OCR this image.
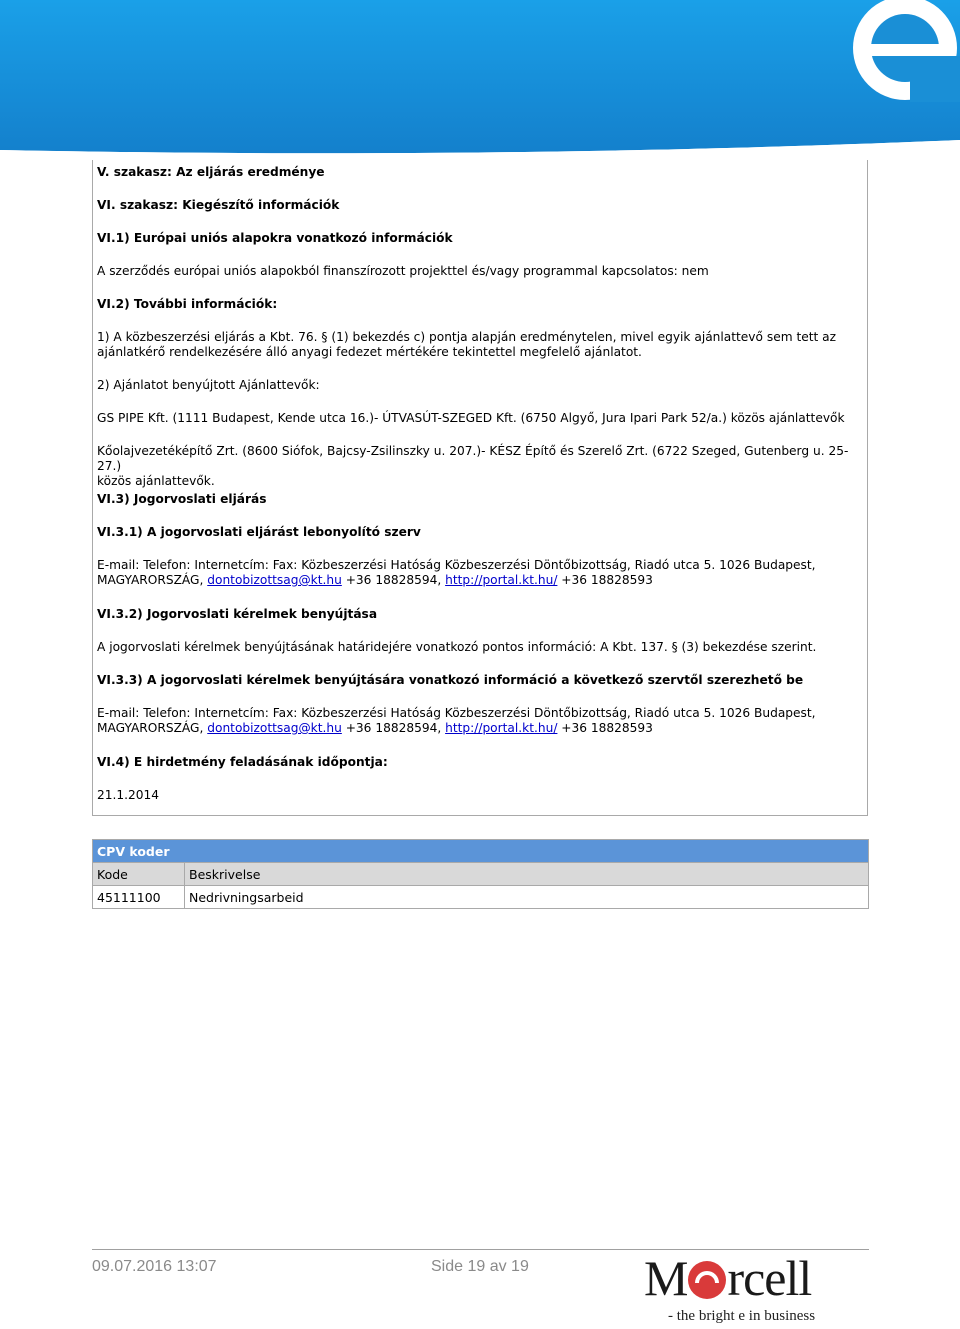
V. szakasz: Az eljárás eredménye

VI. szakasz: Kiegészítő információk

VI.1) Európai uniós alapokra vonatkozó információk

A szerződés európai uniós alapokból finanszírozott projekttel és/vagy programmal kapcsolatos: nem

VI.2) További információk:

1) A közbeszerzési eljárás a Kbt. 76. § (1) bekezdés c) pontja alapján eredménytelen, mivel egyik ajánlattevő sem tett az
ajánlatkérő rendelkezésére álló anyagi fedezet mértékére tekintettel megfelelő ajánlatot.

2) Ajánlatot benyújtott Ajánlattevők:

GS PIPE Kft. (1111 Budapest, Kende utca 16.)- ÚTVASÚT-SZEGED Kft. (6750 Algyő, Jura Ipari Park 52/a.) közös ajánlattevők

Kőolajvezetéképítő Zrt. (8600 Siófok, Bajcsy-Zsilinszky u. 207.)- KÉSZ Építő és Szerelő Zrt. (6722 Szeged, Gutenberg u. 25-27.)
közös ajánlattevők.

VI.3) Jogorvoslati eljárás

VI.3.1) A jogorvoslati eljárást lebonyolító szerv

E-mail: Telefon: Internetcím: Fax: Közbeszerzési Hatóság Közbeszerzési Döntőbizottság, Riadó utca 5. 1026 Budapest,
MAGYARORSZÁG, dontobizottsag@kt.hu +36 18828594, http://portal.kt.hu/ +36 18828593

VI.3.2) Jogorvoslati kérelmek benyújtása

A jogorvoslati kérelmek benyújtásának határidejére vonatkozó pontos információ: A Kbt. 137. § (3) bekezdése szerint.

VI.3.3) A jogorvoslati kérelmek benyújtására vonatkozó információ a következő szervtől szerezhető be

E-mail: Telefon: Internetcím: Fax: Közbeszerzési Hatóság Közbeszerzési Döntőbizottság, Riadó utca 5. 1026 Budapest,
MAGYARORSZÁG, dontobizottsag@kt.hu +36 18828594, http://portal.kt.hu/ +36 18828593

VI.4) E hirdetmény feladásának időpontja:

21.1.2014

CPV koder	
Kode	Beskrivelse
45111100	Nedrivningsarbeid
09.07.2016 13:07	Side 19 av 19 M rcell
- the bright e in business
